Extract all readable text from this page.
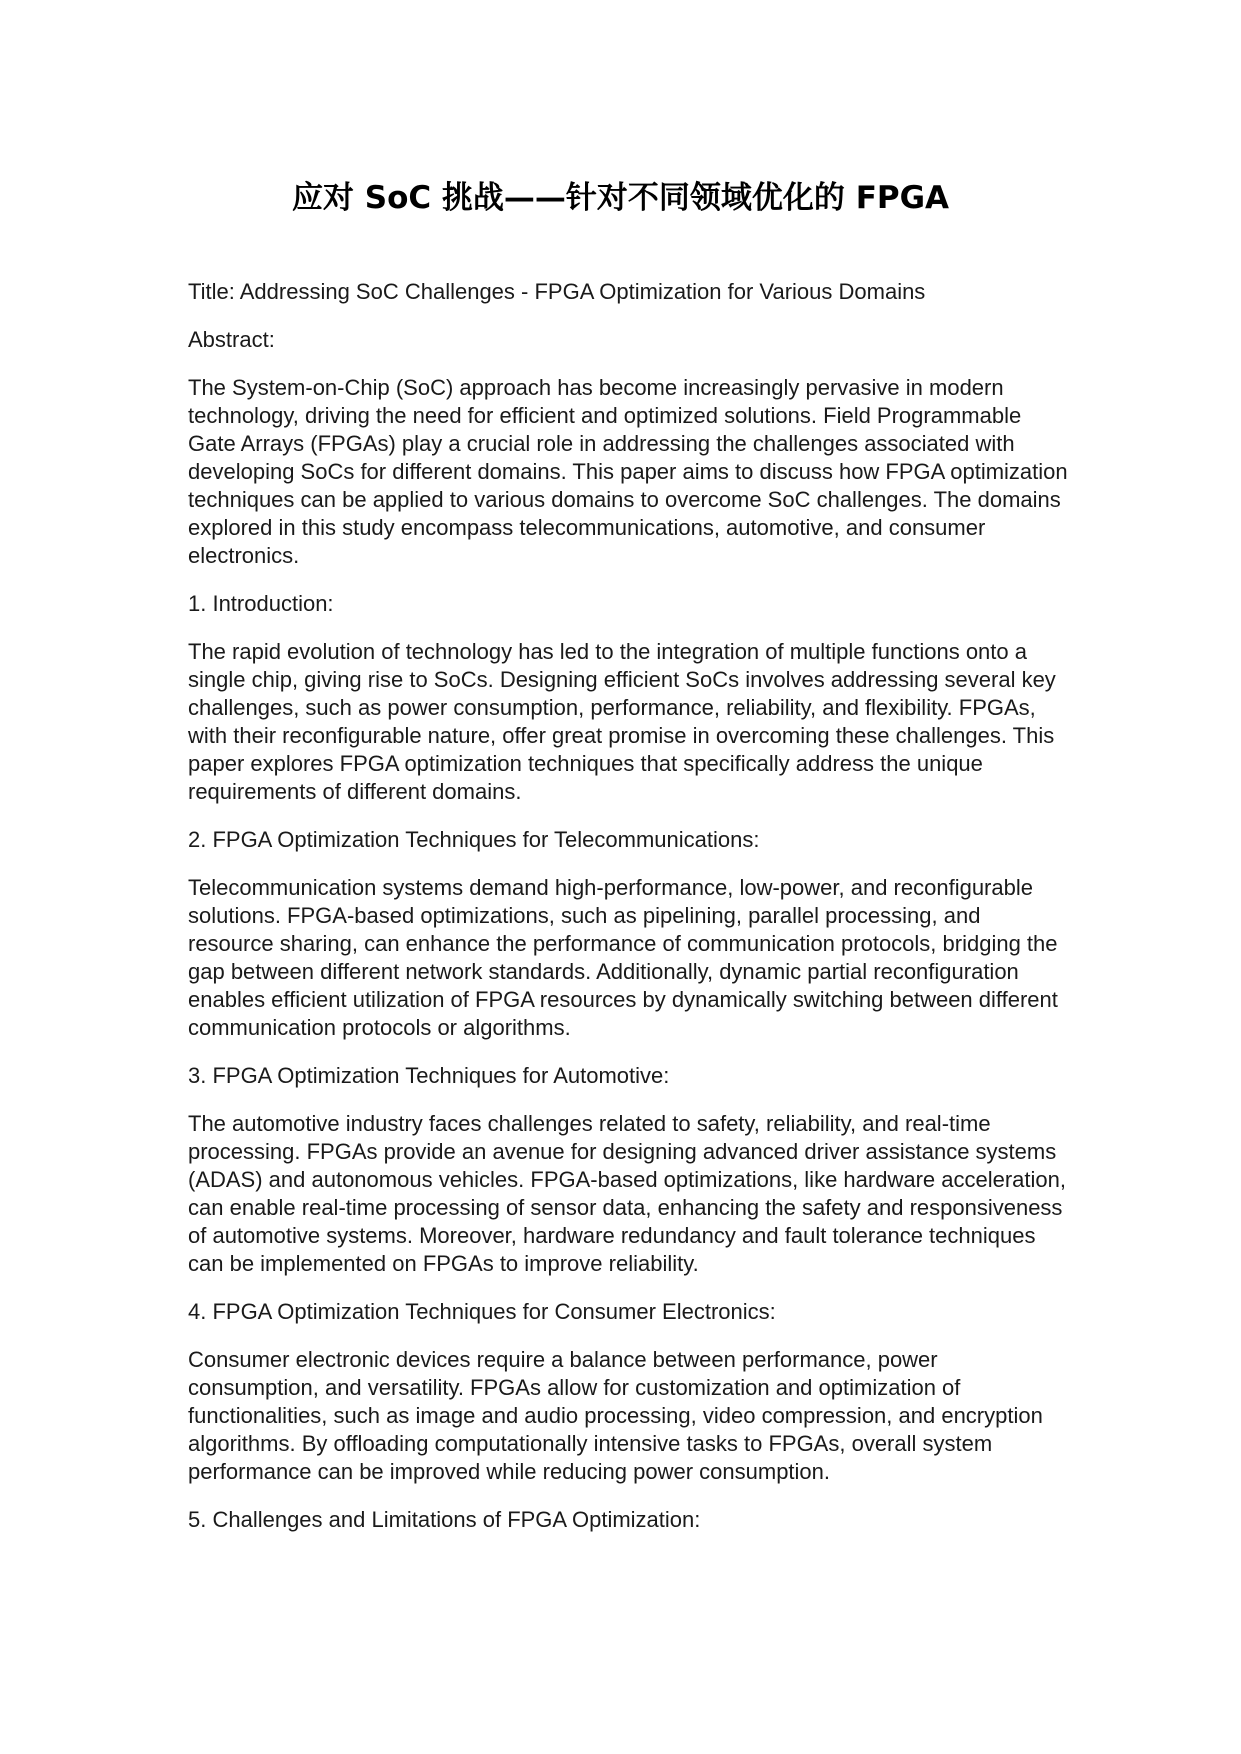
应对 SoC 挑战——针对不同领域优化的 FPGA

Title: Addressing SoC Challenges - FPGA Optimization for Various Domains

Abstract:

The System-on-Chip (SoC) approach has become increasingly pervasive in modern technology, driving the need for efficient and optimized solutions. Field Programmable Gate Arrays (FPGAs) play a crucial role in addressing the challenges associated with developing SoCs for different domains. This paper aims to discuss how FPGA optimization techniques can be applied to various domains to overcome SoC challenges. The domains explored in this study encompass telecommunications, automotive, and consumer electronics.

1. Introduction:

The rapid evolution of technology has led to the integration of multiple functions onto a single chip, giving rise to SoCs. Designing efficient SoCs involves addressing several key challenges, such as power consumption, performance, reliability, and flexibility. FPGAs, with their reconfigurable nature, offer great promise in overcoming these challenges. This paper explores FPGA optimization techniques that specifically address the unique requirements of different domains.

2. FPGA Optimization Techniques for Telecommunications:

Telecommunication systems demand high-performance, low-power, and reconfigurable solutions. FPGA-based optimizations, such as pipelining, parallel processing, and resource sharing, can enhance the performance of communication protocols, bridging the gap between different network standards. Additionally, dynamic partial reconfiguration enables efficient utilization of FPGA resources by dynamically switching between different communication protocols or algorithms.

3. FPGA Optimization Techniques for Automotive:

The automotive industry faces challenges related to safety, reliability, and real-time processing. FPGAs provide an avenue for designing advanced driver assistance systems (ADAS) and autonomous vehicles. FPGA-based optimizations, like hardware acceleration, can enable real-time processing of sensor data, enhancing the safety and responsiveness of automotive systems. Moreover, hardware redundancy and fault tolerance techniques can be implemented on FPGAs to improve reliability.

4. FPGA Optimization Techniques for Consumer Electronics:

Consumer electronic devices require a balance between performance, power consumption, and versatility. FPGAs allow for customization and optimization of functionalities, such as image and audio processing, video compression, and encryption algorithms. By offloading computationally intensive tasks to FPGAs, overall system performance can be improved while reducing power consumption.

5. Challenges and Limitations of FPGA Optimization:
